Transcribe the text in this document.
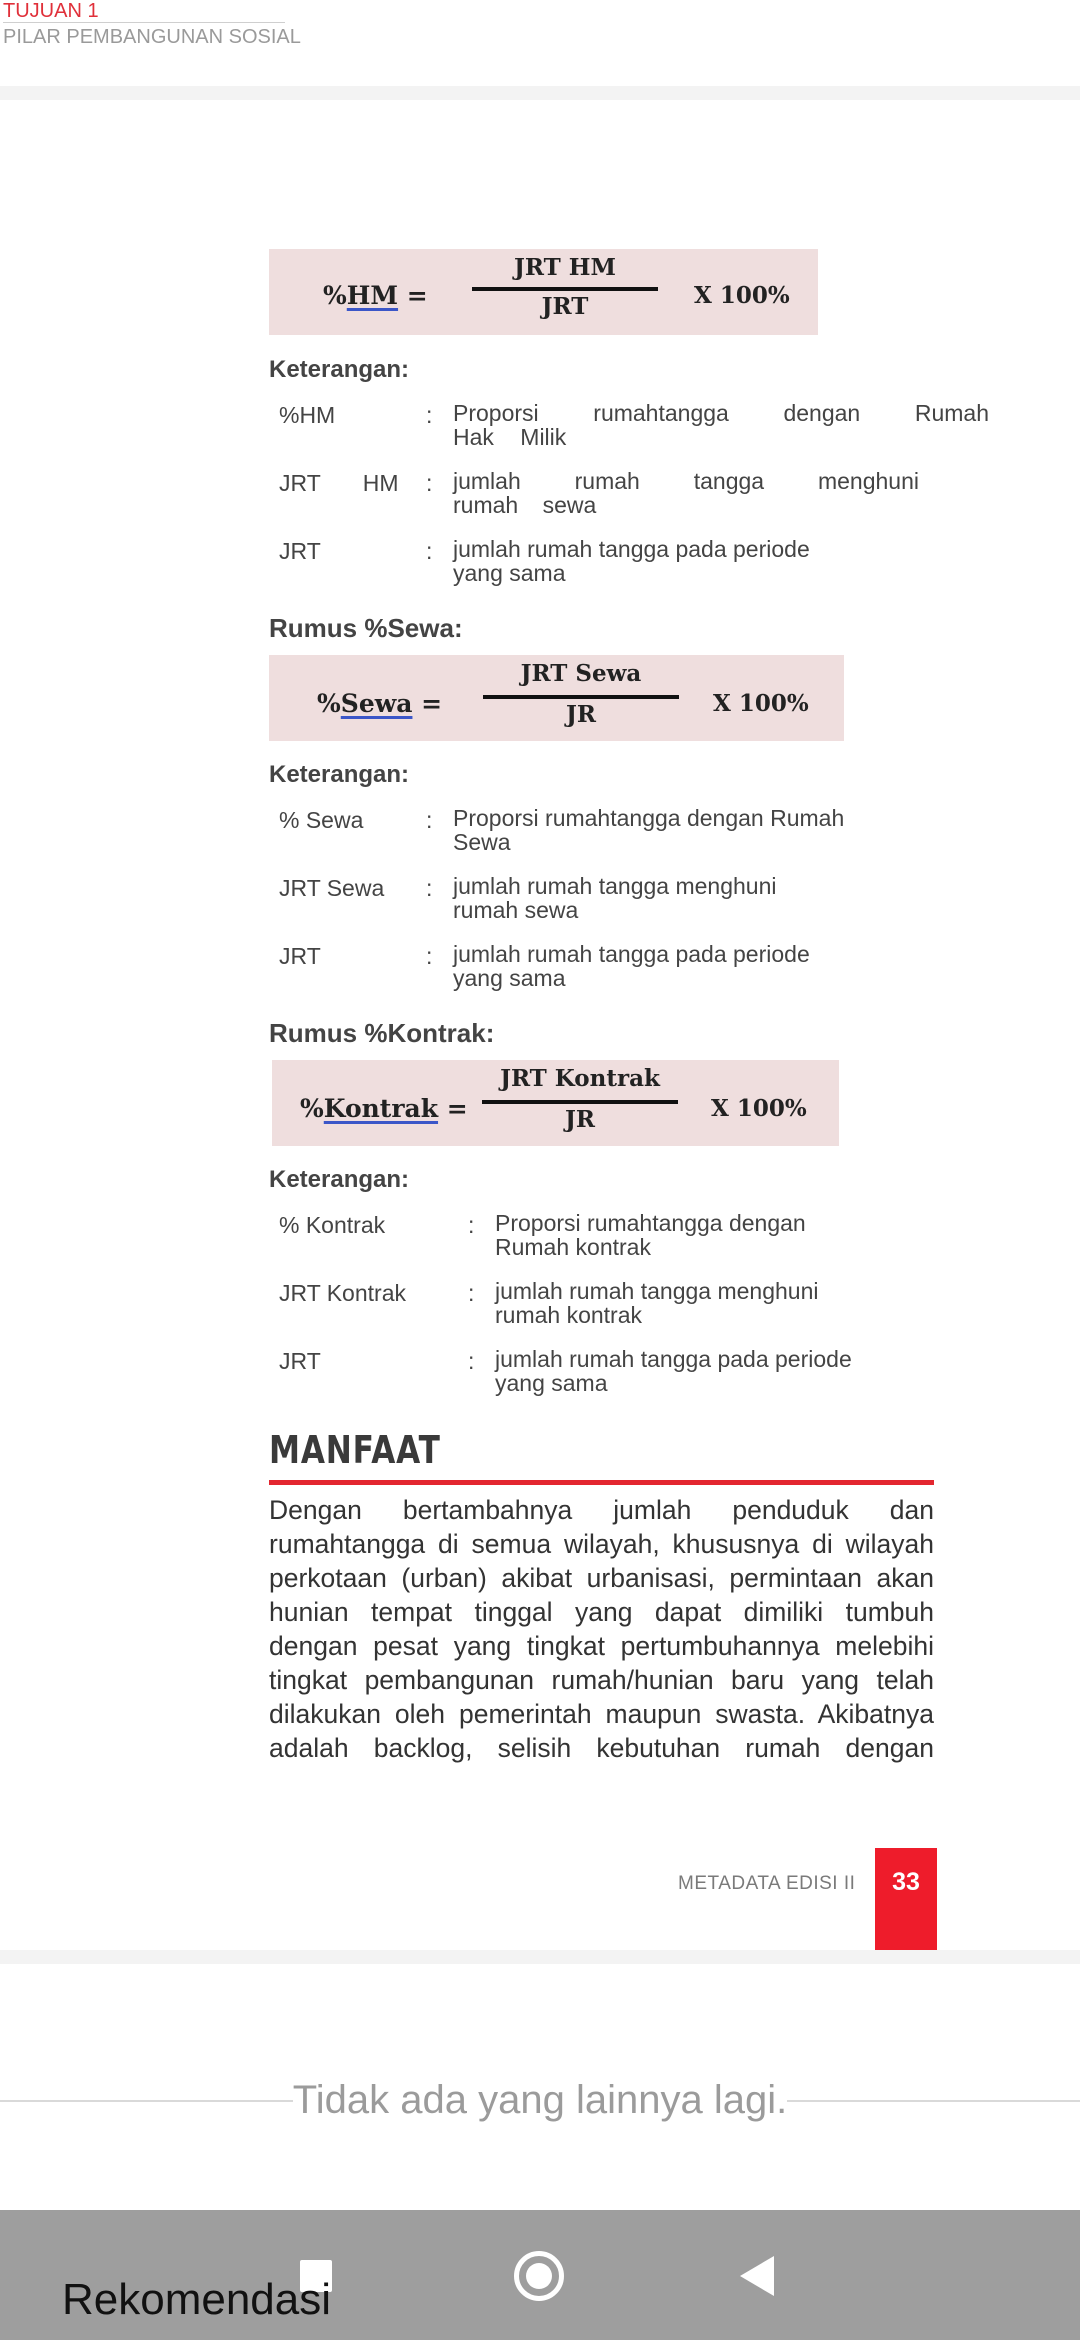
TUJUAN 1
PILAR PEMBANGUNAN SOSIAL
%HM =
JRT HM
JRT	X 100%
Keterangan:
%HM	: Proporsi rumahtangga dengan Rumah
Hak Milik
JRT HM : jumlah rumah tangga menghuni
rumah sewa
JRT	: jumlah rumah tangga pada periode
yang sama
Rumus %Sewa:
%Sewa =
JRT Sewa
JR	X 100%
Keterangan:
% Sewa	: Proporsi rumahtangga dengan Rumah
Sewa
JRT Sewa : jumlah rumah tangga menghuni
rumah sewa
JRT	: jumlah rumah tangga pada periode
yang sama
Rumus %Kontrak:
%Kontrak =
JRT Kontrak
JR	X 100%
Keterangan:
% Kontrak	: Proporsi rumahtangga dengan
Rumah kontrak
JRT Kontrak	: jumlah rumah tangga menghuni
rumah kontrak
JRT	: jumlah rumah tangga pada periode
yang sama
MANFAAT
Dengan bertambahnya jumlah penduduk dan rumahtangga di semua wilayah, khususnya di wilayah perkotaan (urban) akibat urbanisasi, permintaan akan hunian tempat tinggal yang dapat dimiliki tumbuh dengan pesat yang tingkat pertumbuhannya melebihi tingkat pembangunan rumah/hunian baru yang telah dilakukan oleh pemerintah maupun swasta. Akibatnya adalah backlog, selisih kebutuhan rumah dengan
METADATA EDISI II	33
Tidak ada yang lainnya lagi.
Rekomendasi
